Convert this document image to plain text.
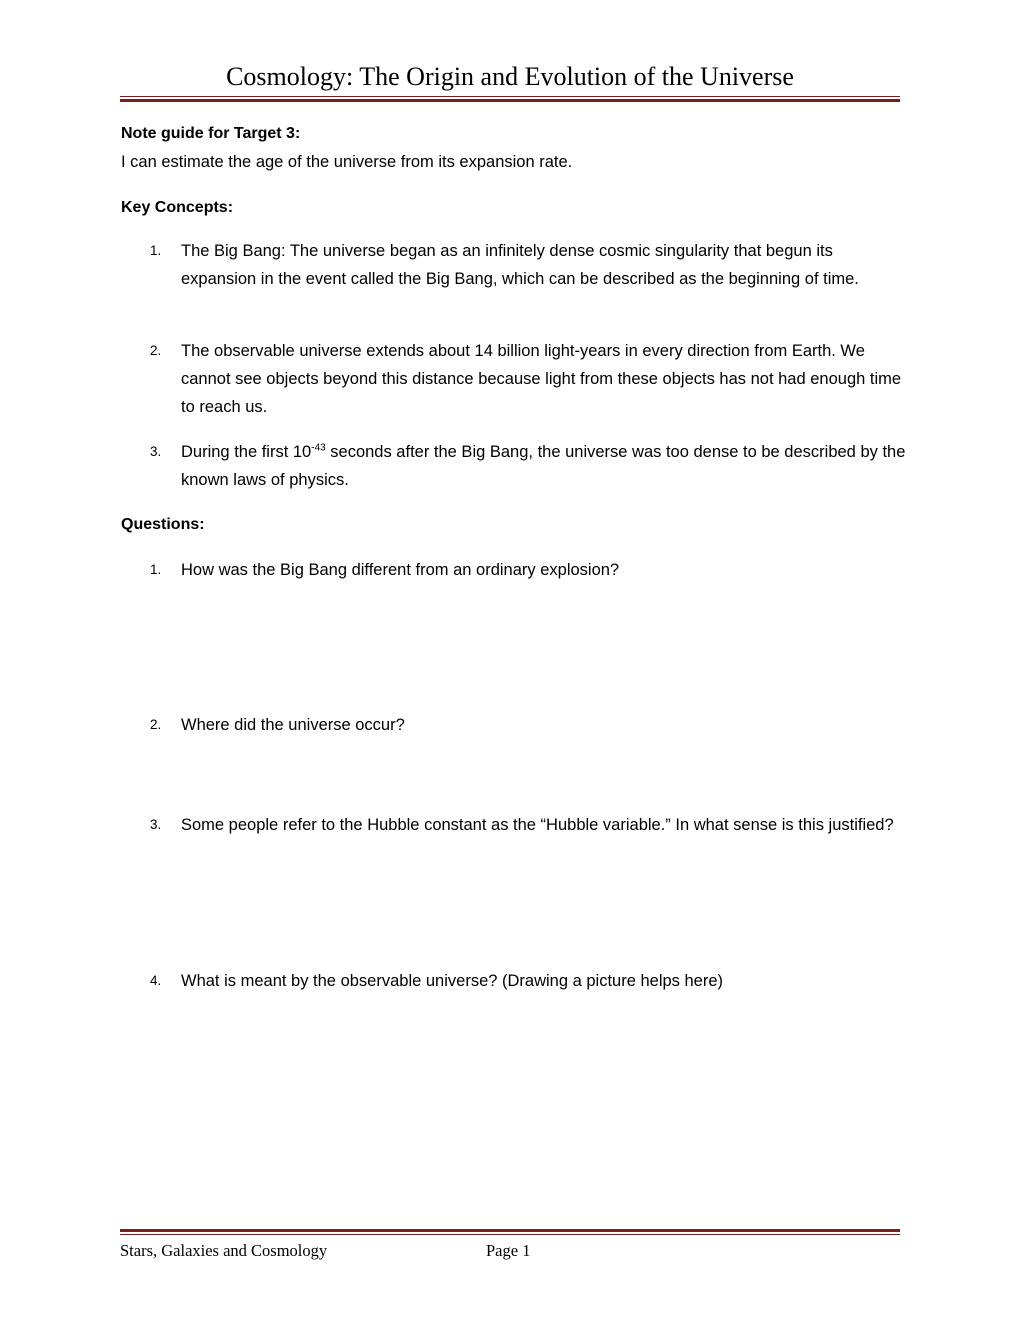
Cosmology: The Origin and Evolution of the Universe
Note guide for Target 3:
I can estimate the age of the universe from its expansion rate.
Key Concepts:
1.	The Big Bang: The universe began as an infinitely dense cosmic singularity that begun its expansion in the event called the Big Bang, which can be described as the beginning of time.
2.	The observable universe extends about 14 billion light-years in every direction from Earth. We cannot see objects beyond this distance because light from these objects has not had enough time to reach us.
3.	During the first $10^{-43}$ seconds after the Big Bang, the universe was too dense to be described by the known laws of physics.
Questions:
1.	How was the Big Bang different from an ordinary explosion?
2.	Where did the universe occur?
3.	Some people refer to the Hubble constant as the “Hubble variable.” In what sense is this justified?
4.	What is meant by the observable universe? (Drawing a picture helps here)
Stars, Galaxies and Cosmology	Page 1
